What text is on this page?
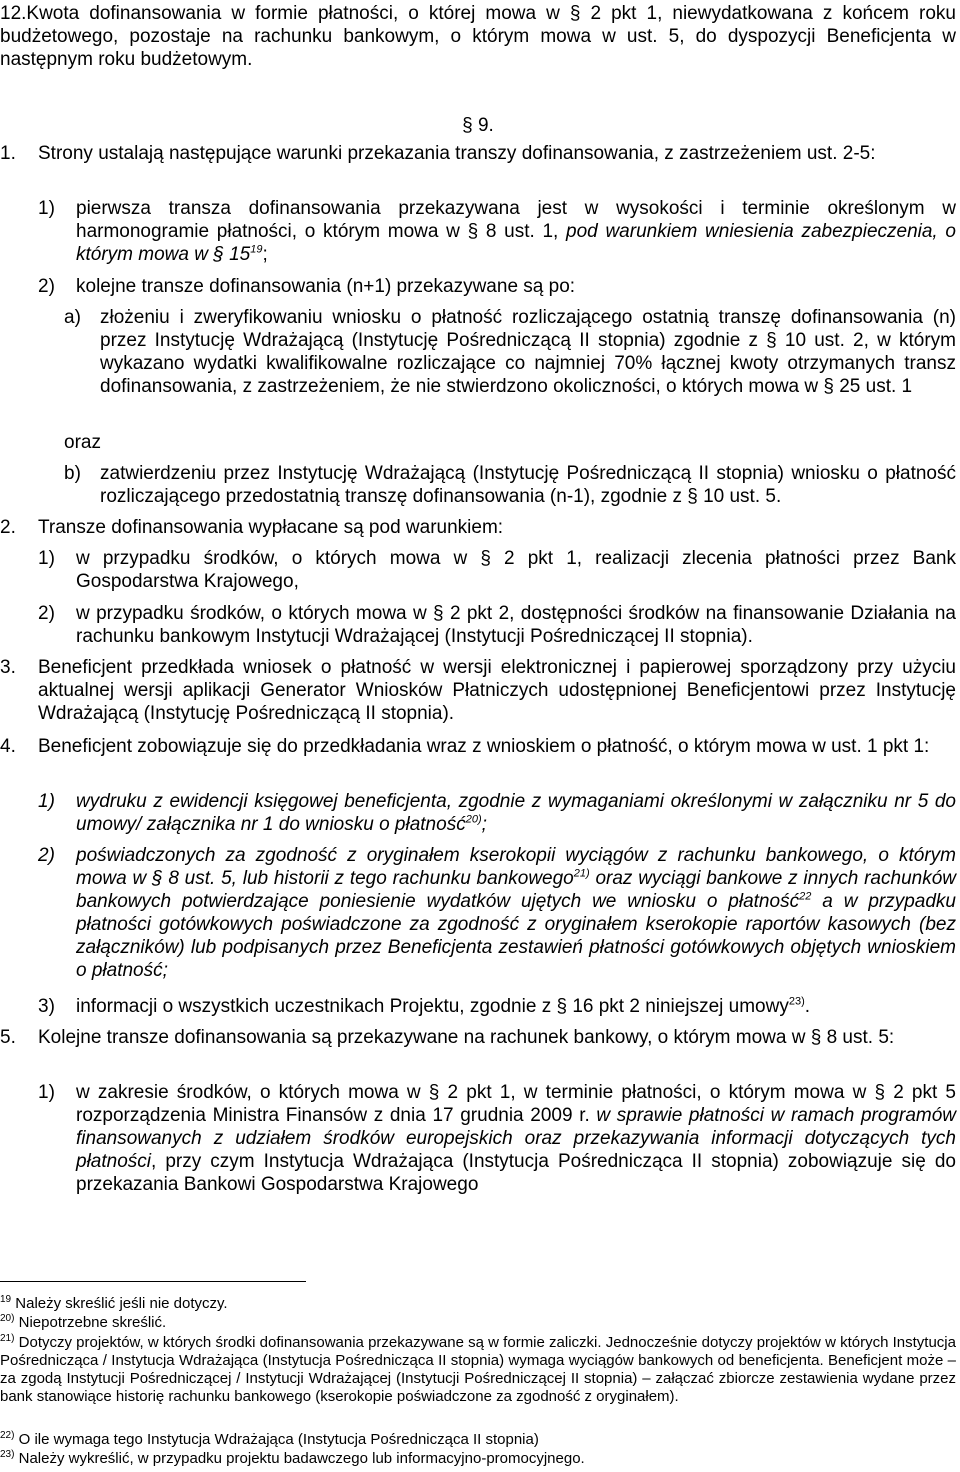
12.Kwota dofinansowania w formie płatności, o której mowa w § 2 pkt 1, niewydatkowana z końcem roku budżetowego, pozostaje na rachunku bankowym, o którym mowa w ust. 5, do dyspozycji Beneficjenta w następnym roku budżetowym.
§ 9.
1.	Strony ustalają następujące warunki przekazania transzy dofinansowania, z zastrzeżeniem ust. 2-5:
1) pierwsza transza dofinansowania przekazywana jest w wysokości i terminie określonym w harmonogramie płatności, o którym mowa w § 8 ust. 1, pod warunkiem wniesienia zabezpieczenia, o którym mowa w § $15^{19}$;
2) kolejne transze dofinansowania (n+1) przekazywane są po:
a) złożeniu i zweryfikowaniu wniosku o płatność rozliczającego ostatnią transzę dofinansowania (n) przez Instytucję Wdrażającą (Instytucję Pośredniczącą II stopnia) zgodnie z § 10 ust. 2, w którym wykazano wydatki kwalifikowalne rozliczające co najmniej 70% łącznej kwoty otrzymanych transz dofinansowania, z zastrzeżeniem, że nie stwierdzono okoliczności, o których mowa w § 25 ust. 1
oraz
b) zatwierdzeniu przez Instytucję Wdrażającą (Instytucję Pośredniczącą II stopnia) wniosku o płatność rozliczającego przedostatnią transzę dofinansowania (n-1), zgodnie z § 10 ust. 5.
2. Transze dofinansowania wypłacane są pod warunkiem:
1) w przypadku środków, o których mowa w § 2 pkt 1, realizacji zlecenia płatności przez Bank Gospodarstwa Krajowego,
2) w przypadku środków, o których mowa w § 2 pkt 2, dostępności środków na finansowanie Działania na rachunku bankowym Instytucji Wdrażającej (Instytucji Pośredniczącej II stopnia).
3. Beneficjent przedkłada wniosek o płatność w wersji elektronicznej i papierowej sporządzony przy użyciu aktualnej wersji aplikacji Generator Wniosków Płatniczych udostępnionej Beneficjentowi przez Instytucję Wdrażającą (Instytucję Pośredniczącą II stopnia).
4. Beneficjent zobowiązuje się do przedkładania wraz z wnioskiem o płatność, o którym mowa w ust. 1 pkt 1:
1) wydruku z ewidencji księgowej beneficjenta, zgodnie z wymaganiami określonymi w załączniku nr 5 do umowy/ załącznika nr 1 do wniosku o płatność$^{20)}$;
2) poświadczonych za zgodność z oryginałem kserokopii wyciągów z rachunku bankowego, o którym mowa w § 8 ust. 5, lub historii z tego rachunku bankowego$^{21)}$ oraz wyciągi bankowe z innych rachunków bankowych potwierdzające poniesienie wydatków ujętych we wniosku o płatność$^{22}$ a w przypadku płatności gotówkowych poświadczone za zgodność z oryginałem kserokopie raportów kasowych (bez załączników) lub podpisanych przez Beneficjenta zestawień płatności gotówkowych objętych wnioskiem o płatność;
3) informacji o wszystkich uczestnikach Projektu, zgodnie z § 16 pkt 2 niniejszej umowy$^{23)}$.
5. Kolejne transze dofinansowania są przekazywane na rachunek bankowy, o którym mowa w § 8 ust. 5:
1) w zakresie środków, o których mowa w § 2 pkt 1, w terminie płatności, o którym mowa w § 2 pkt 5 rozporządzenia Ministra Finansów z dnia 17 grudnia 2009 r. w sprawie płatności w ramach programów finansowanych z udziałem środków europejskich oraz przekazywania informacji dotyczących tych płatności, przy czym Instytucja Wdrażająca (Instytucja Pośrednicząca II stopnia) zobowiązuje się do przekazania Bankowi Gospodarstwa Krajowego
$^{19}$ Należy skreślić jeśli nie dotyczy.
$^{20)}$ Niepotrzebne skreślić.
$^{21)}$ Dotyczy projektów, w których środki dofinansowania przekazywane są w formie zaliczki. Jednocześnie dotyczy projektów w których Instytucja Pośrednicząca / Instytucja Wdrażająca (Instytucja Pośrednicząca II stopnia) wymaga wyciągów bankowych od beneficjenta. Beneficjent może – za zgodą Instytucji Pośredniczącej / Instytucji Wdrażającej (Instytucji Pośredniczącej II stopnia) – załączać zbiorcze zestawienia wydane przez bank stanowiące historię rachunku bankowego (kserokopie poświadczone za zgodność z oryginałem).
$^{22)}$ O ile wymaga tego Instytucja Wdrażająca (Instytucja Pośrednicząca II stopnia)
$^{23)}$ Należy wykreślić, w przypadku projektu badawczego lub informacyjno-promocyjnego.
